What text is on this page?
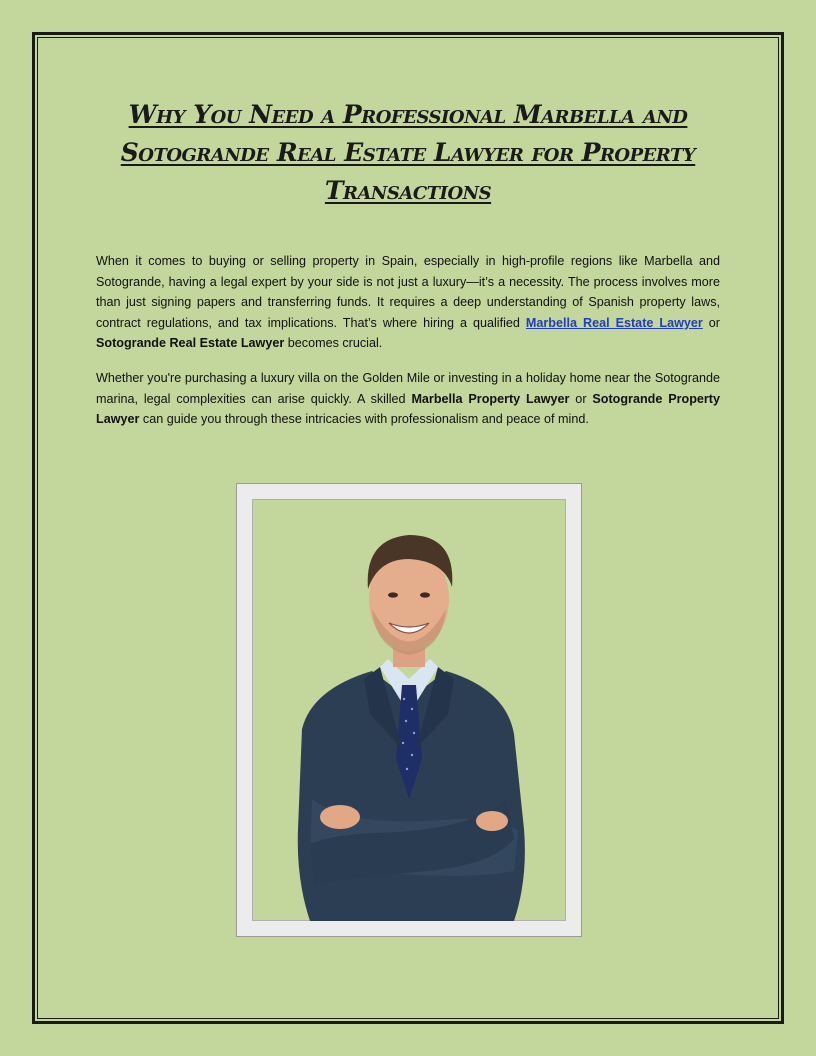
Why You Need a Professional Marbella and Sotogrande Real Estate Lawyer for Property Transactions

When it comes to buying or selling property in Spain, especially in high-profile regions like Marbella and Sotogrande, having a legal expert by your side is not just a luxury—it’s a necessity. The process involves more than just signing papers and transferring funds. It requires a deep understanding of Spanish property laws, contract regulations, and tax implications. That’s where hiring a qualified Marbella Real Estate Lawyer or Sotogrande Real Estate Lawyer becomes crucial.

Whether you're purchasing a luxury villa on the Golden Mile or investing in a holiday home near the Sotogrande marina, legal complexities can arise quickly. A skilled Marbella Property Lawyer or Sotogrande Property Lawyer can guide you through these intricacies with professionalism and peace of mind.
